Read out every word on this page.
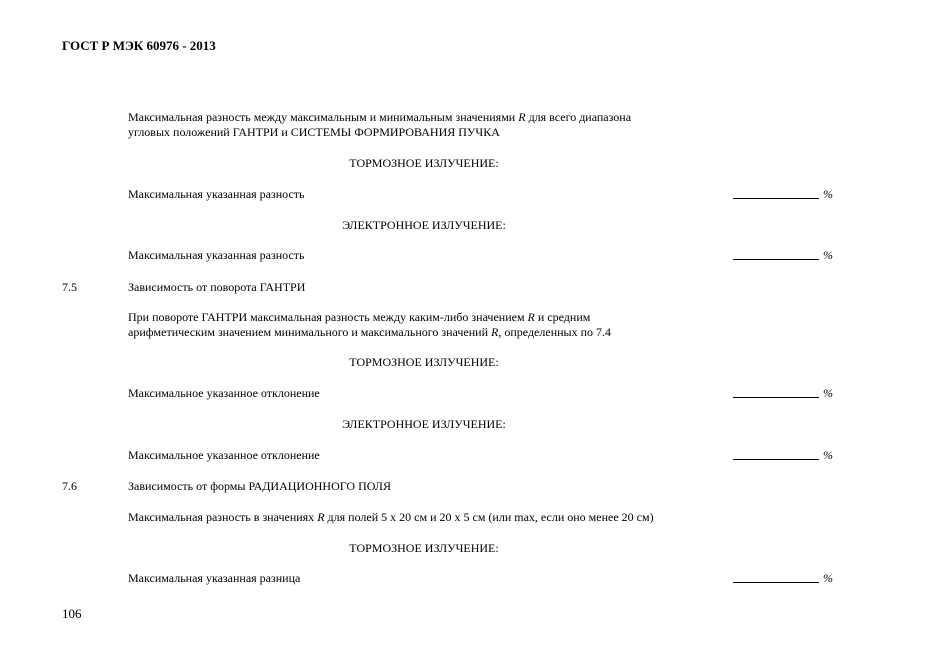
ГОСТ Р МЭК 60976 - 2013
Максимальная разность между максимальным и минимальным значениями R для всего диапазона
угловых положений ГАНТРИ и СИСТЕМЫ ФОРМИРОВАНИЯ ПУЧКА
ТОРМОЗНОЕ ИЗЛУЧЕНИЕ:
Максимальная указанная разность	%
ЭЛЕКТРОННОЕ ИЗЛУЧЕНИЕ:
Максимальная указанная разность	%
7.5	Зависимость от поворота ГАНТРИ
При повороте ГАНТРИ максимальная разность между каким-либо значением R и средним
арифметическим значением минимального и максимального значений R, определенных по 7.4
ТОРМОЗНОЕ ИЗЛУЧЕНИЕ:
Максимальное указанное отклонение	%
ЭЛЕКТРОННОЕ ИЗЛУЧЕНИЕ:
Максимальное указанное отклонение	%
7.6	Зависимость от формы РАДИАЦИОННОГО ПОЛЯ
Максимальная разность в значениях R для полей 5 х 20 см и 20 х 5 см (или max, если оно менее 20 см)
ТОРМОЗНОЕ ИЗЛУЧЕНИЕ:
Максимальная указанная разница	%
106
